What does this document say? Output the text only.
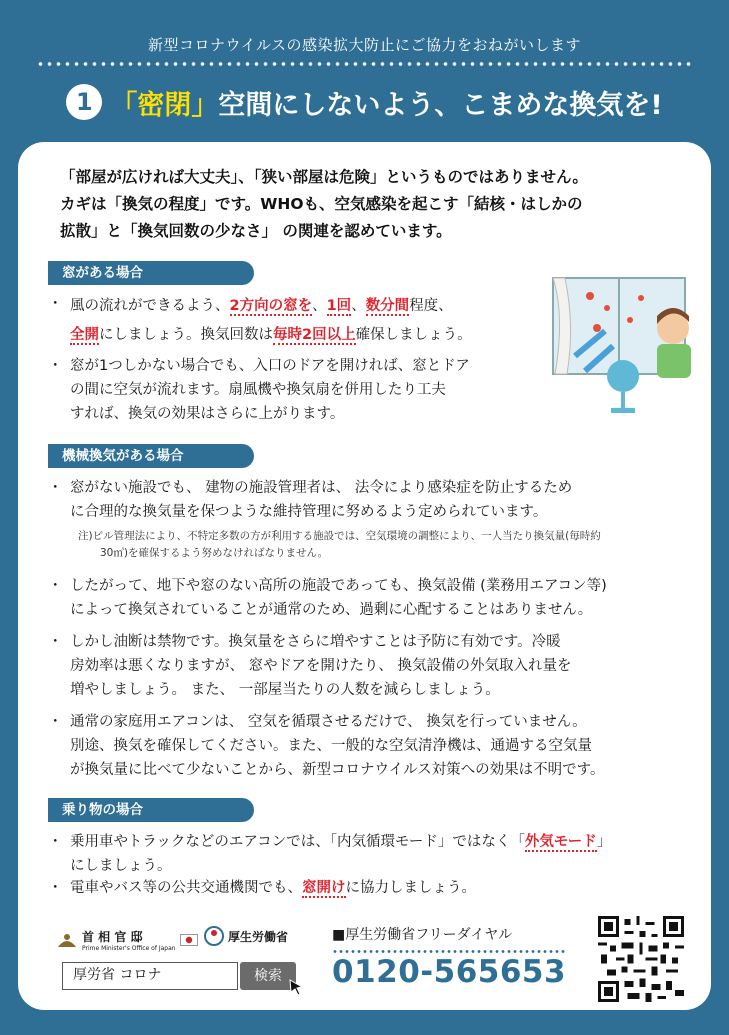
新型コロナウイルスの感染拡大防止にご協力をおねがいします
1 「 密閉 」 空間にしないよう、こまめな換気を!
「部屋が広ければ大丈夫」、「狭い部屋は危険」というものではありません。
カギは「換気の程度」です。WHOも、空気感染を起こす「結核・はしかの
拡散」と「換気回数の少なさ」 の関連を認めています。
窓がある場合
・ 風の流れができるよう、2方向の窓を、1回、数分間程度、
全開にしましょう。換気回数は毎時2回以上確保しましょう。
・ 窓が1つしかない場合でも、入口のドアを開ければ、窓とドア
の間に空気が流れます。扇風機や換気扇を併用したり工夫
すれば、換気の効果はさらに上がります。
機械換気がある場合
・ 窓がない施設でも、 建物の施設管理者は、 法令により感染症を防止するため
に合理的な換気量を保つような維持管理に努めるよう定められています。
注)ビル管理法により、不特定多数の方が利用する施設では、空気環境の調整により、一人当たり換気量(毎時約
30㎥)を確保するよう努めなければなりません。
・ したがって、地下や窓のない高所の施設であっても、換気設備 (業務用エアコン等)
によって換気されていることが通常のため、過剰に心配することはありません。
・ しかし油断は禁物です。換気量をさらに増やすことは予防に有効です。冷暖
房効率は悪くなりますが、 窓やドアを開けたり、 換気設備の外気取入れ量を
増やしましょう。 また、 一部屋当たりの人数を減らしましょう。
・ 通常の家庭用エアコンは、 空気を循環させるだけで、 換気を行っていません。
別途、換気を確保してください。また、一般的な空気清浄機は、通過する空気量
が換気量に比べて少ないことから、新型コロナウイルス対策への効果は不明です。
乗り物の場合
・ 乗用車やトラックなどのエアコンでは、「内気循環モード」ではなく「外気モード」
にしましょう。
・ 電車やバス等の公共交通機関でも、窓開けに協力しましょう。
首 相 官 邸
Prime Minister's Office of Japan
厚生労働省
厚労省 コロナ	検索
■厚生労働省フリーダイヤル
0120-565653
